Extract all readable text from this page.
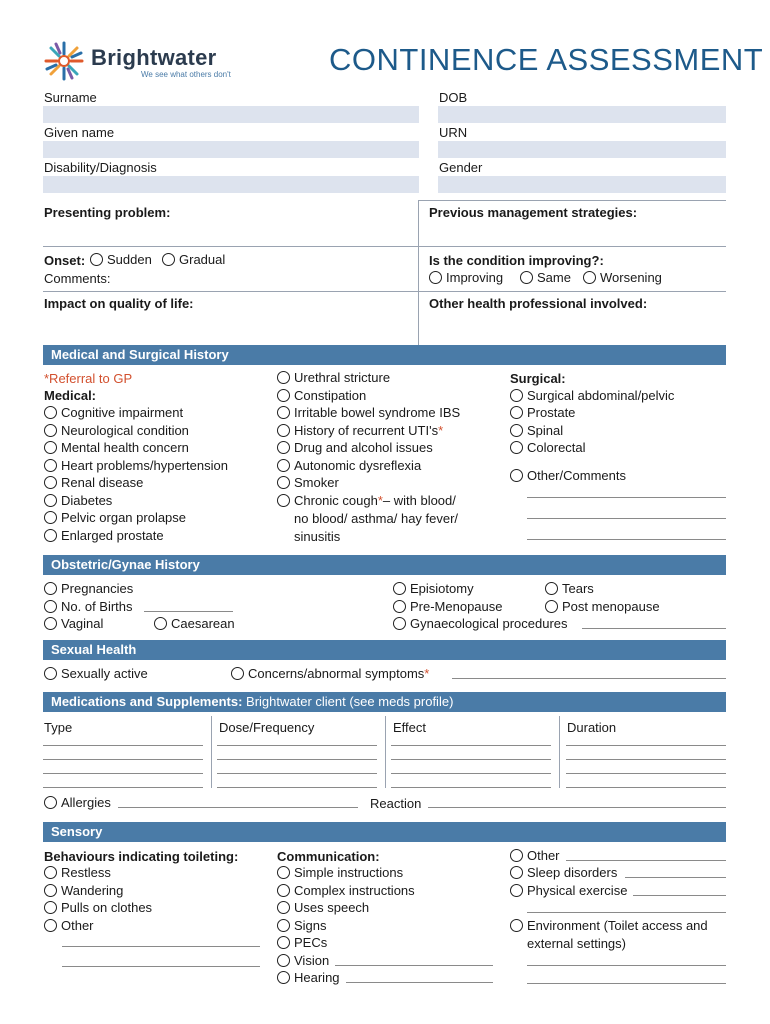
Brightwater
We see what others don't	CONTINENCE ASSESSMENT
Surname	DOB
Given name	URN
Disability/Diagnosis	Gender
Presenting problem:	Previous management strategies:
Onset: Sudden Gradual
Comments:
Is the condition improving?:
Improving	Same Worsening
Impact on quality of life:	Other health professional involved:
Medical and Surgical History
*Referral to GP
Medical:
Cognitive impairment
Neurological condition
Mental health concern
Heart problems/hypertension
Renal disease
Diabetes
Pelvic organ prolapse
Enlarged prostate
Urethral stricture
Constipation
Irritable bowel syndrome IBS
History of recurrent UTI's *
Drug and alcohol issues
Autonomic dysreflexia
Smoker
Chronic cough * – with blood/
no blood/ asthma/ hay fever/
sinusitis
Surgical:
Surgical abdominal/pelvic
Prostate
Spinal
Colorectal
Other/Comments
Obstetric/Gynae History
Pregnancies
No. of Births
Vaginal	Caesarean
Episiotomy	Tears
Pre-Menopause	Post menopause
Gynaecological procedures
Sexual Health
Sexually active	Concerns/abnormal symptoms *
Medications and Supplements: Brightwater client (see meds profile)
Type	Dose/Frequency	Effect	Duration
Allergies	Reaction
Sensory
Behaviours indicating toileting:
Restless
Wandering
Pulls on clothes
Other
Communication:
Simple instructions
Complex instructions
Uses speech
Signs
PECs
Vision
Hearing
Other
Sleep disorders
Physical exercise
Environment (Toilet access and
external settings)
